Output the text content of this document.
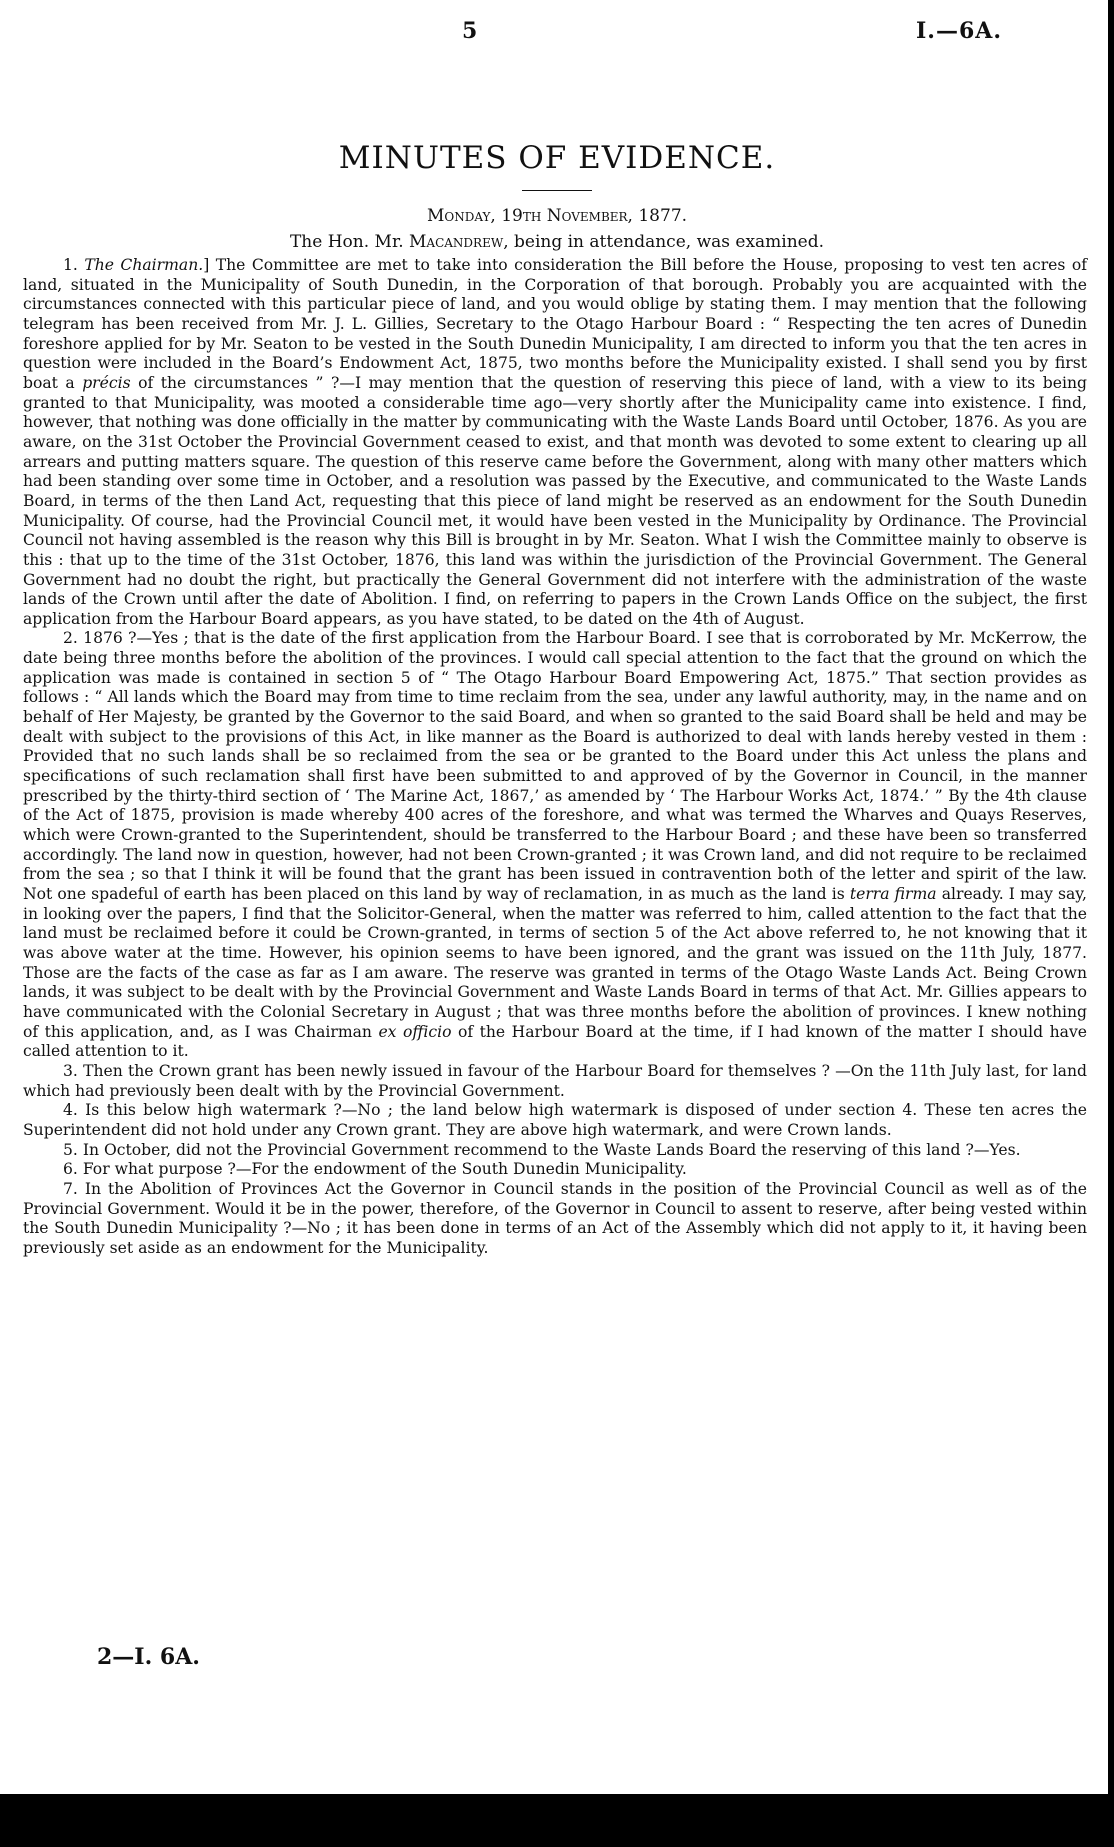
5	I.—6A.
MINUTES OF EVIDENCE.
Monday, 19th November, 1877.
The Hon. Mr. Macandrew, being in attendance, was examined.

1. The Chairman.] The Committee are met to take into consideration the Bill before the House, proposing to vest ten acres of land, situated in the Municipality of South Dunedin, in the Corporation of that borough. Probably you are acquainted with the circumstances connected with this particular piece of land, and you would oblige by stating them. I may mention that the following telegram has been received from Mr. J. L. Gillies, Secretary to the Otago Harbour Board : “ Respecting the ten acres of Dunedin foreshore applied for by Mr. Seaton to be vested in the South Dunedin Municipality, I am directed to inform you that the ten acres in question were included in the Board’s Endowment Act, 1875, two months before the Municipality existed. I shall send you by first boat a précis of the circumstances ” ?—I may mention that the question of reserving this piece of land, with a view to its being granted to that Municipality, was mooted a considerable time ago—very shortly after the Municipality came into existence. I find, however, that nothing was done officially in the matter by communicating with the Waste Lands Board until October, 1876. As you are aware, on the 31st October the Provincial Government ceased to exist, and that month was devoted to some extent to clearing up all arrears and putting matters square. The question of this reserve came before the Government, along with many other matters which had been standing over some time in October, and a resolution was passed by the Executive, and communicated to the Waste Lands Board, in terms of the then Land Act, requesting that this piece of land might be reserved as an endowment for the South Dunedin Municipality. Of course, had the Provincial Council met, it would have been vested in the Municipality by Ordinance. The Provincial Council not having assembled is the reason why this Bill is brought in by Mr. Seaton. What I wish the Committee mainly to observe is this : that up to the time of the 31st October, 1876, this land was within the jurisdiction of the Provincial Government. The General Government had no doubt the right, but practically the General Government did not interfere with the administration of the waste lands of the Crown until after the date of Abolition. I find, on referring to papers in the Crown Lands Office on the subject, the first application from the Harbour Board appears, as you have stated, to be dated on the 4th of August.

2. 1876 ?—Yes ; that is the date of the first application from the Harbour Board. I see that is corroborated by Mr. McKerrow, the date being three months before the abolition of the provinces. I would call special attention to the fact that the ground on which the application was made is contained in section 5 of “ The Otago Harbour Board Empowering Act, 1875.” That section provides as follows : “ All lands which the Board may from time to time reclaim from the sea, under any lawful authority, may, in the name and on behalf of Her Majesty, be granted by the Governor to the said Board, and when so granted to the said Board shall be held and may be dealt with subject to the provisions of this Act, in like manner as the Board is authorized to deal with lands hereby vested in them : Provided that no such lands shall be so reclaimed from the sea or be granted to the Board under this Act unless the plans and specifications of such reclamation shall first have been submitted to and approved of by the Governor in Council, in the manner prescribed by the thirty-third section of ‘ The Marine Act, 1867,’ as amended by ‘ The Harbour Works Act, 1874.’ ” By the 4th clause of the Act of 1875, provision is made whereby 400 acres of the foreshore, and what was termed the Wharves and Quays Reserves, which were Crown-granted to the Superintendent, should be transferred to the Harbour Board ; and these have been so transferred accordingly. The land now in question, however, had not been Crown-granted ; it was Crown land, and did not require to be reclaimed from the sea ; so that I think it will be found that the grant has been issued in contravention both of the letter and spirit of the law. Not one spadeful of earth has been placed on this land by way of reclamation, in as much as the land is terra firma already. I may say, in looking over the papers, I find that the Solicitor-General, when the matter was referred to him, called attention to the fact that the land must be reclaimed before it could be Crown-granted, in terms of section 5 of the Act above referred to, he not knowing that it was above water at the time. However, his opinion seems to have been ignored, and the grant was issued on the 11th July, 1877. Those are the facts of the case as far as I am aware. The reserve was granted in terms of the Otago Waste Lands Act. Being Crown lands, it was subject to be dealt with by the Provincial Government and Waste Lands Board in terms of that Act. Mr. Gillies appears to have communicated with the Colonial Secretary in August ; that was three months before the abolition of provinces. I knew nothing of this application, and, as I was Chairman ex officio of the Harbour Board at the time, if I had known of the matter I should have called attention to it.

3. Then the Crown grant has been newly issued in favour of the Harbour Board for themselves ? —On the 11th July last, for land which had previously been dealt with by the Provincial Government.

4. Is this below high watermark ?—No ; the land below high watermark is disposed of under section 4. These ten acres the Superintendent did not hold under any Crown grant. They are above high watermark, and were Crown lands.

5. In October, did not the Provincial Government recommend to the Waste Lands Board the reserving of this land ?—Yes.

6. For what purpose ?—For the endowment of the South Dunedin Municipality.

7. In the Abolition of Provinces Act the Governor in Council stands in the position of the Provincial Council as well as of the Provincial Government. Would it be in the power, therefore, of the Governor in Council to assent to reserve, after being vested within the South Dunedin Municipality ?—No ; it has been done in terms of an Act of the Assembly which did not apply to it, it having been previously set aside as an endowment for the Municipality.

2—I. 6A.
